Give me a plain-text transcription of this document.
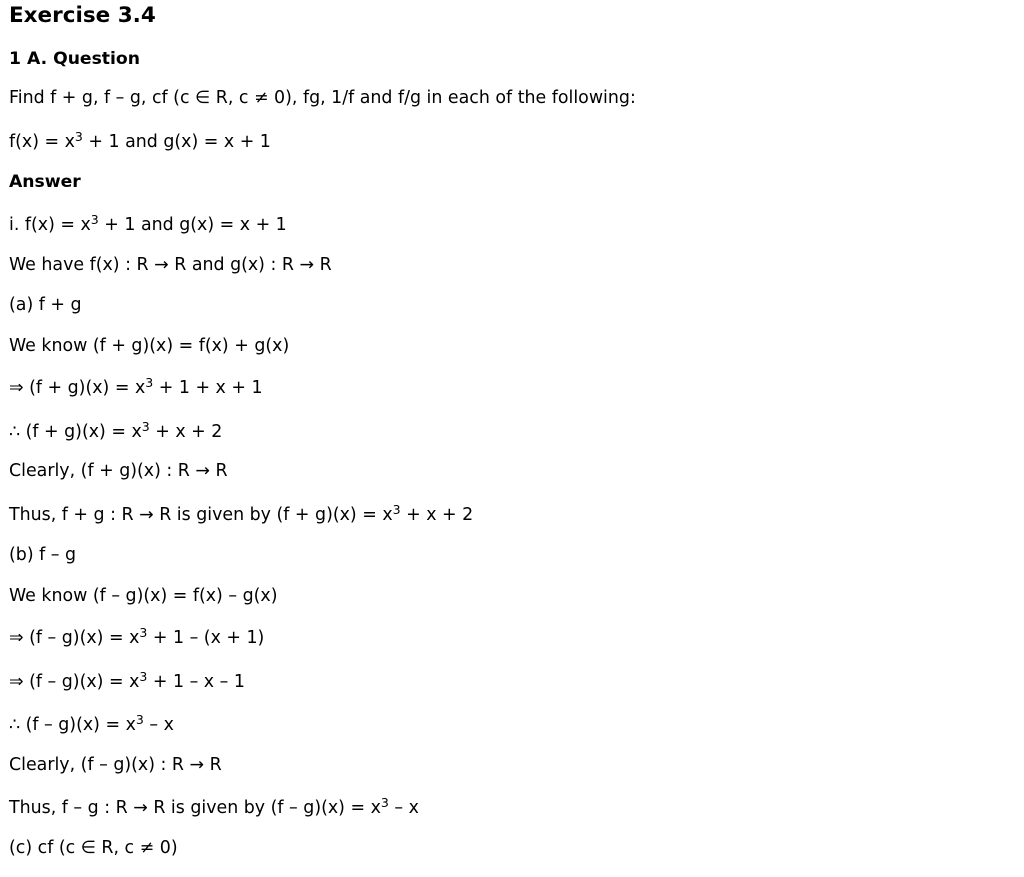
Exercise 3.4
1 A. Question
Find f + g, f – g, cf (c ∈ R, c ≠ 0), fg, 1/f and f/g in each of the following:
$f(x) = x^3 + 1$ and g(x) = x + 1
Answer
i. $f(x) = x^3 + 1$ and g(x) = x + 1
We have f(x) : R → R and g(x) : R → R
(a) f + g
We know (f + g)(x) = f(x) + g(x)
⇒ $(f + g)(x) = x^3 + 1 + x + 1$
∴ $(f + g)(x) = x^3 + x + 2$
Clearly, (f + g)(x) : R → R
Thus, f + g : R → R is given by $(f + g)(x) = x^3 + x + 2$
(b) f – g
We know (f – g)(x) = f(x) – g(x)
⇒ $(f - g)(x) = x^3 + 1 - (x + 1)$
⇒ $(f - g)(x) = x^3 + 1 - x - 1$
∴ $(f - g)(x) = x^3 - x$
Clearly, (f – g)(x) : R → R
Thus, f – g : R → R is given by $(f - g)(x) = x^3 - x$
(c) cf (c ∈ R, c ≠ 0)
